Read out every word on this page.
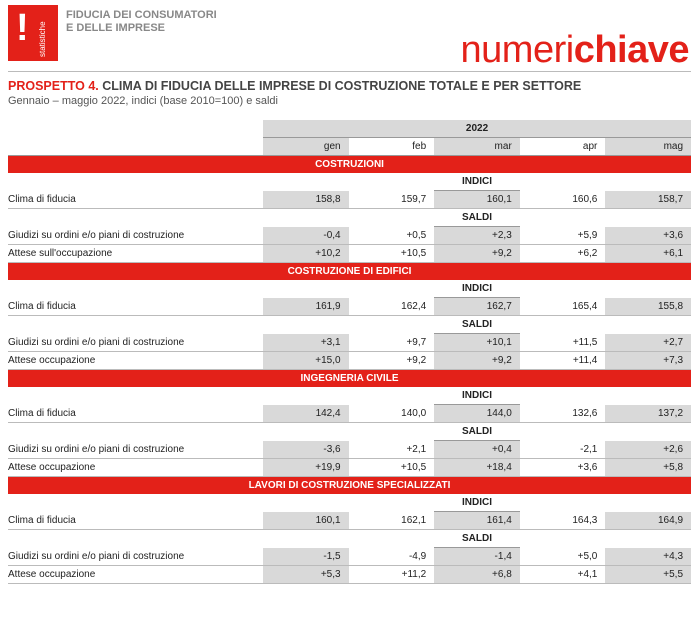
! statistiche
FIDUCIA DEI CONSUMATORI
E DELLE IMPRESE
numerichiave
PROSPETTO 4. CLIMA DI FIDUCIA DELLE IMPRESE DI COSTRUZIONE TOTALE E PER SETTORE
Gennaio – maggio 2022, indici (base 2010=100) e saldi
	2022				
	gen	feb	mar	apr	mag
COSTRUZIONI					
			INDICI		
Clima di fiducia	158,8	159,7	160,1	160,6	158,7
			SALDI		
Giudizi su ordini e/o piani di costruzione	-0,4	+0,5	+2,3	+5,9	+3,6
Attese sull'occupazione	+10,2	+10,5	+9,2	+6,2	+6,1
COSTRUZIONE DI EDIFICI					
			INDICI		
Clima di fiducia	161,9	162,4	162,7	165,4	155,8
			SALDI		
Giudizi su ordini e/o piani di costruzione	+3,1	+9,7	+10,1	+11,5	+2,7
Attese occupazione	+15,0	+9,2	+9,2	+11,4	+7,3
INGEGNERIA CIVILE					
			INDICI		
Clima di fiducia	142,4	140,0	144,0	132,6	137,2
			SALDI		
Giudizi su ordini e/o piani di costruzione	-3,6	+2,1	+0,4	-2,1	+2,6
Attese occupazione	+19,9	+10,5	+18,4	+3,6	+5,8
LAVORI DI COSTRUZIONE SPECIALIZZATI					
			INDICI		
Clima di fiducia	160,1	162,1	161,4	164,3	164,9
			SALDI		
Giudizi su ordini e/o piani di costruzione	-1,5	-4,9	-1,4	+5,0	+4,3
Attese occupazione	+5,3	+11,2	+6,8	+4,1	+5,5
